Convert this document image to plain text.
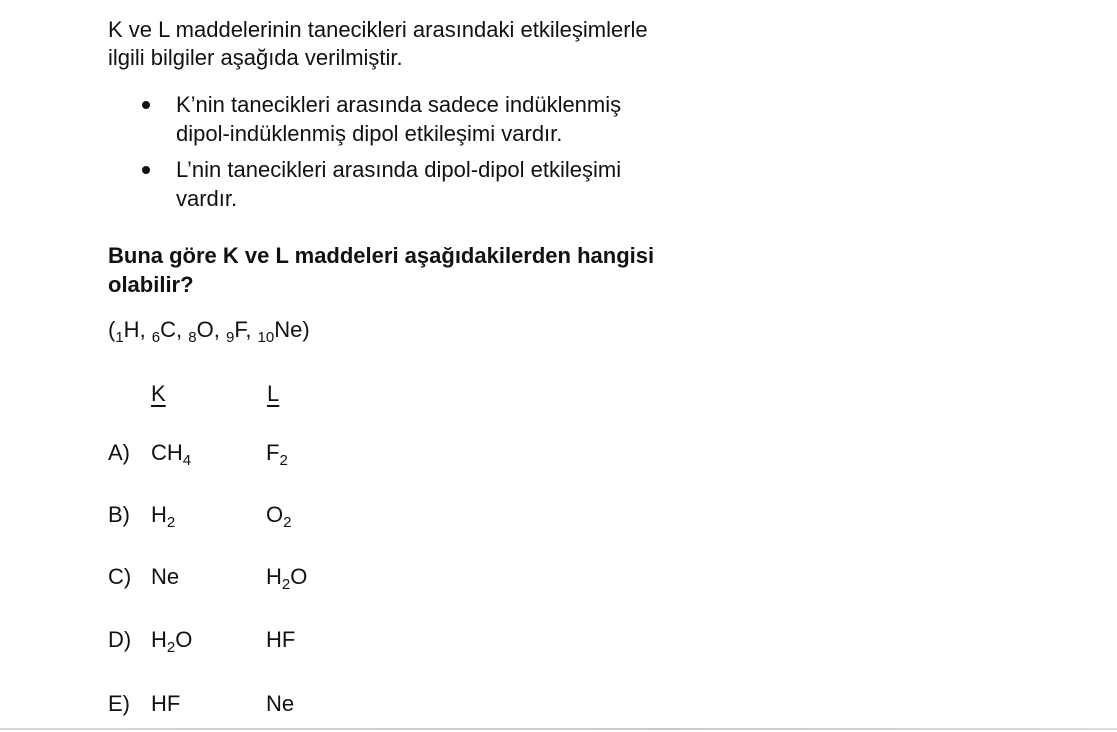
K ve L maddelerinin tanecikleri arasındaki etkileşimlerle
ilgili bilgiler aşağıda verilmiştir.
K’nin tanecikleri arasında sadece indüklenmiş
dipol-indüklenmiş dipol etkileşimi vardır.
L’nin tanecikleri arasında dipol-dipol etkileşimi
vardır.
Buna göre K ve L maddeleri aşağıdakilerden hangisi
olabilir?
($_1H$, $_6$C, $_8$O, $_9$F, $_{10}$Ne)
K	L
A) $CH_4$	$F_2$
B) $H_2$	$O_2$
C) Ne	$H_2O$
D) $H_2O$	HF
E) HF	Ne
